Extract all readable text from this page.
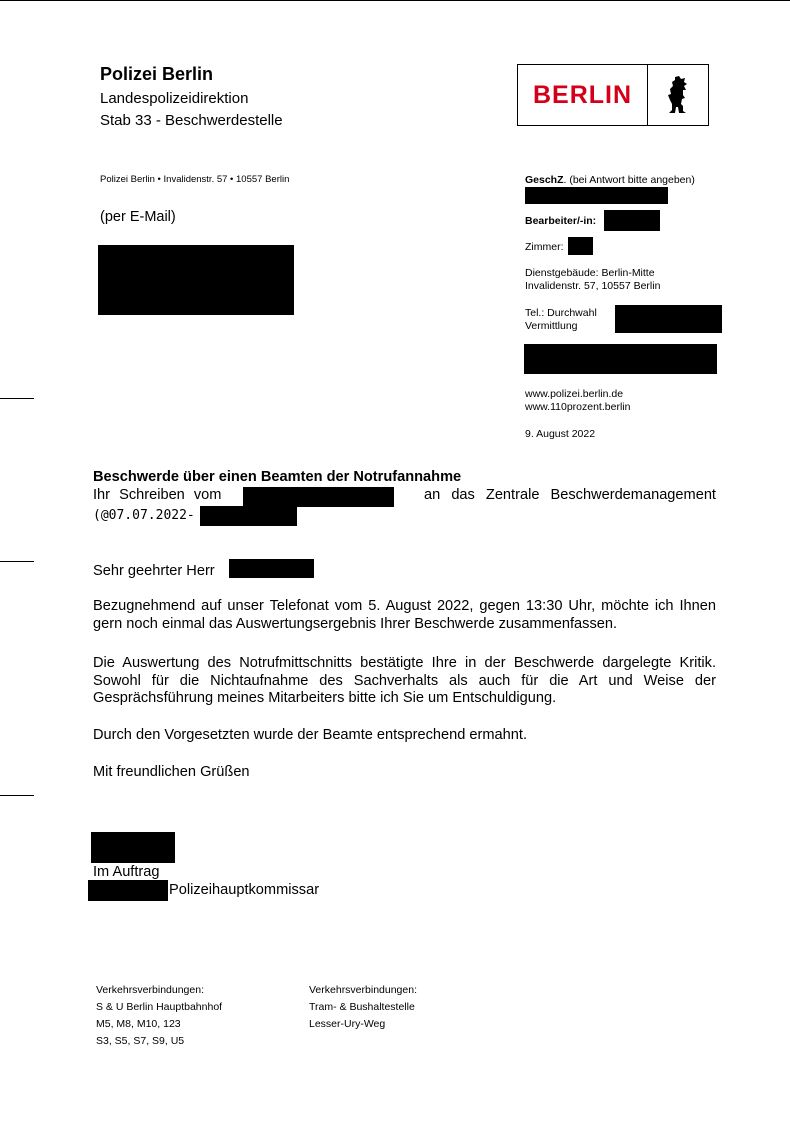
Polizei Berlin
Landespolizeidirektion
Stab 33 - Beschwerdestelle
BERLIN
Polizei Berlin • Invalidenstr. 57 • 10557 Berlin
(per E-Mail)
GeschZ. (bei Antwort bitte angeben)
Bearbeiter/-in:
Zimmer:
Dienstgebäude: Berlin-Mitte
Invalidenstr. 57, 10557 Berlin
Tel.: Durchwahl
Vermittlung
www.polizei.berlin.de
www.110prozent.berlin
9. August 2022
Beschwerde über einen Beamten der Notrufannahme
Ihr Schreiben vom	an das Zentrale Beschwerdemanagement
(@07.07.2022-
Sehr geehrter Herr
Bezugnehmend auf unser Telefonat vom 5. August 2022, gegen 13:30 Uhr, möchte ich Ihnen gern noch einmal das Auswertungsergebnis Ihrer Beschwerde zusammenfassen.
Die Auswertung des Notrufmittschnitts bestätigte Ihre in der Beschwerde dargelegte Kritik. Sowohl für die Nichtaufnahme des Sachverhalts als auch für die Art und Weise der Gesprächsführung meines Mitarbeiters bitte ich Sie um Entschuldigung.
Durch den Vorgesetzten wurde der Beamte entsprechend ermahnt.
Mit freundlichen Grüßen
Im Auftrag
Polizeihauptkommissar
Verkehrsverbindungen:
S & U Berlin Hauptbahnhof
M5, M8, M10, 123
S3, S5, S7, S9, U5
Verkehrsverbindungen:
Tram- & Bushaltestelle
Lesser-Ury-Weg
